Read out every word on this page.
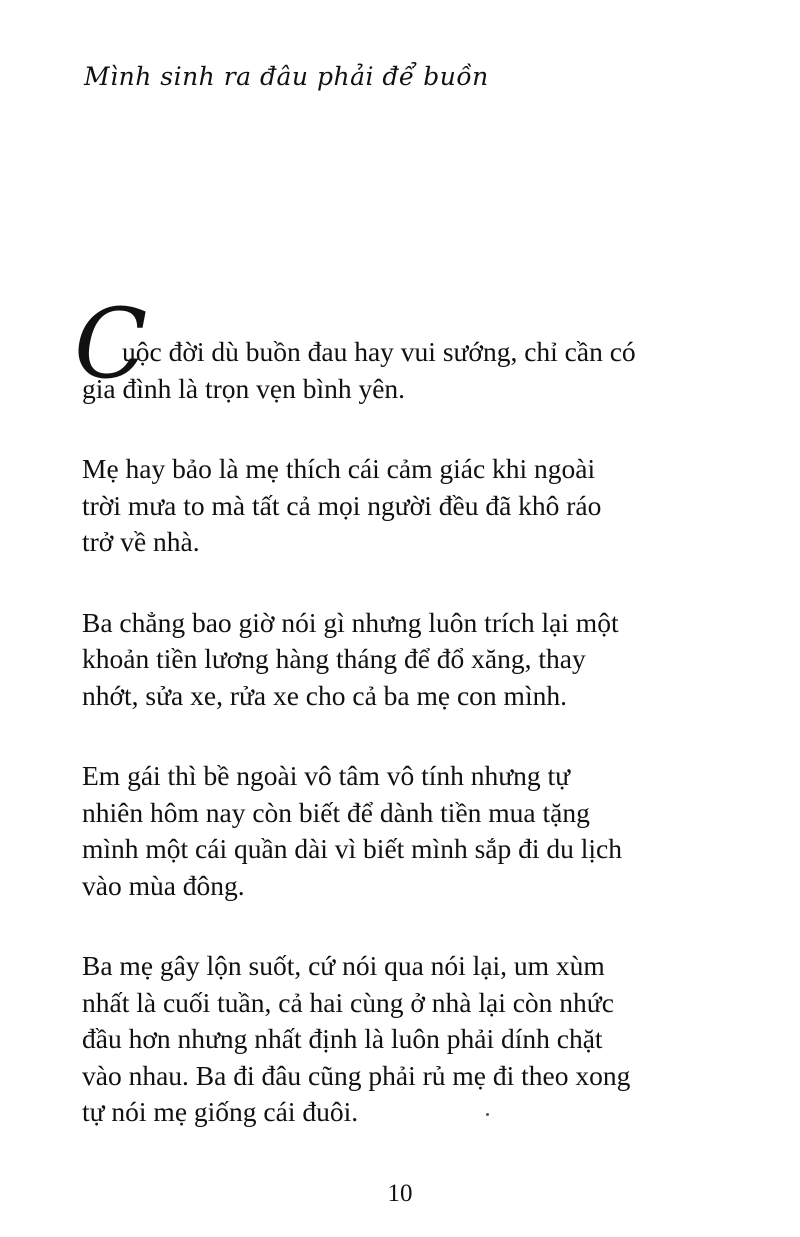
Mình sinh ra đâu phải để buồn
C
uộc đời dù buồn đau hay vui sướng, chỉ cần có
gia đình là trọn vẹn bình yên.
Mẹ hay bảo là mẹ thích cái cảm giác khi ngoài
trời mưa to mà tất cả mọi người đều đã khô ráo
trở về nhà.
Ba chẳng bao giờ nói gì nhưng luôn trích lại một
khoản tiền lương hàng tháng để đổ xăng, thay
nhớt, sửa xe, rửa xe cho cả ba mẹ con mình.
Em gái thì bề ngoài vô tâm vô tính nhưng tự
nhiên hôm nay còn biết để dành tiền mua tặng
mình một cái quần dài vì biết mình sắp đi du lịch
vào mùa đông.
Ba mẹ gây lộn suốt, cứ nói qua nói lại, um xùm
nhất là cuối tuần, cả hai cùng ở nhà lại còn nhức
đầu hơn nhưng nhất định là luôn phải dính chặt
vào nhau. Ba đi đâu cũng phải rủ mẹ đi theo xong
tự nói mẹ giống cái đuôi.
10
